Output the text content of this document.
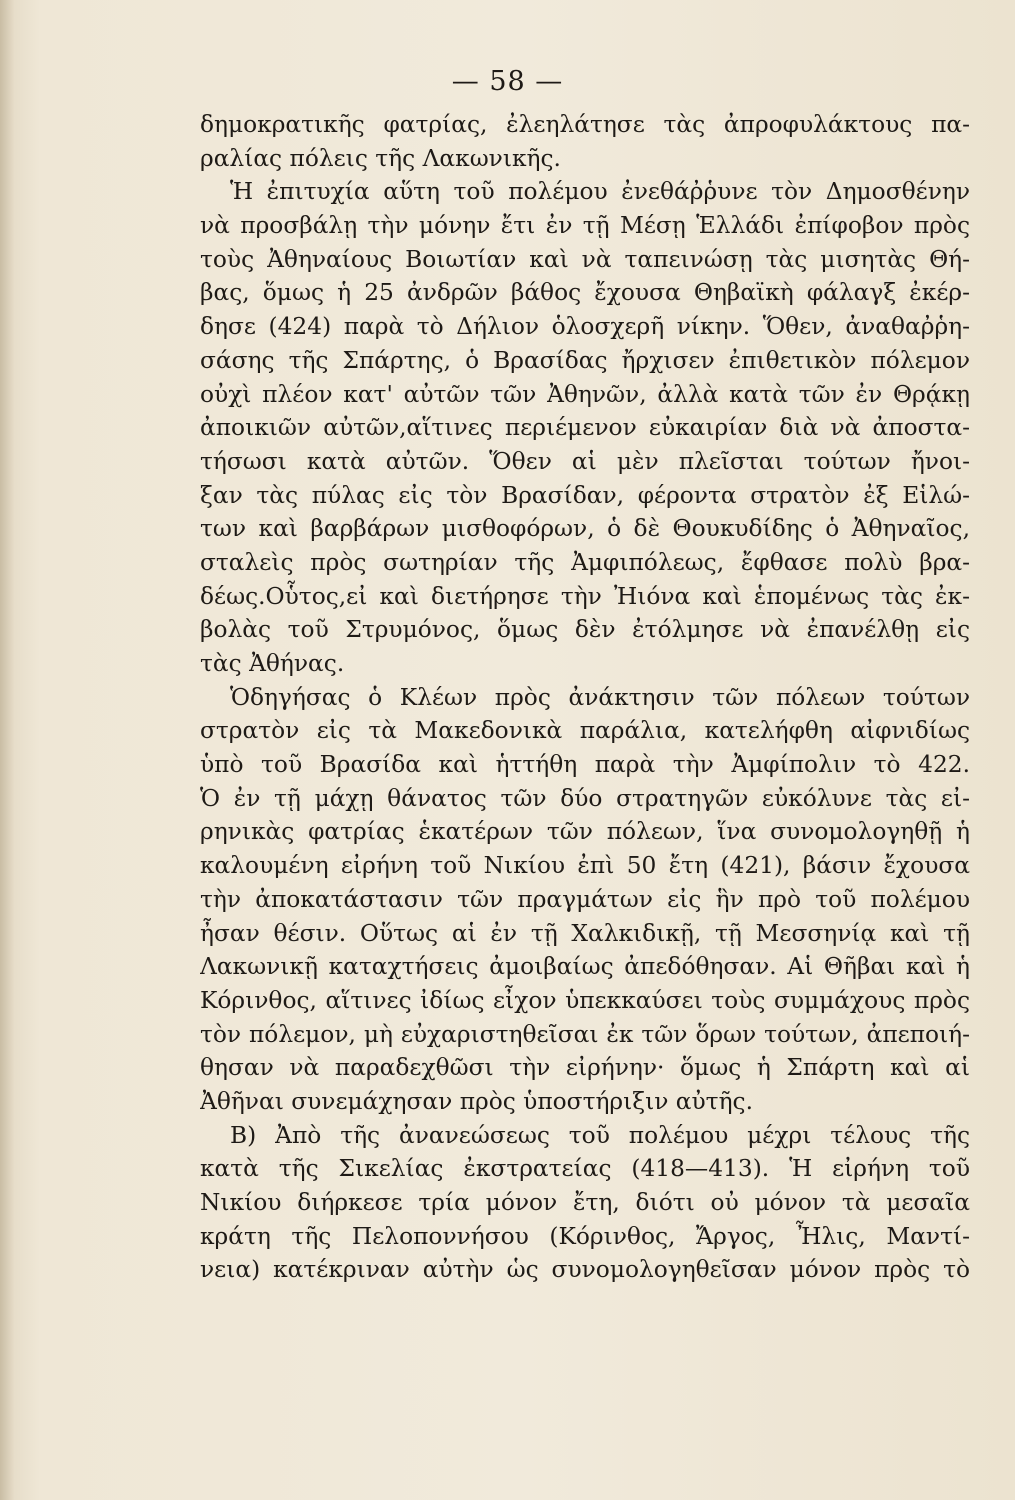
— 58 —
δημοκρατικῆς φατρίας, ἐλεηλάτησε τὰς ἀπροφυλάκτους πα-
ραλίας πόλεις τῆς Λακωνικῆς.
Ἡ ἐπιτυχία αὕτη τοῦ πολέμου ἐνεθάῤῥυνε τὸν Δημοσθένην
νὰ προσβάλῃ τὴν μόνην ἔτι ἐν τῇ Μέσῃ Ἑλλάδι ἐπίφοβον πρὸς
τοὺς Ἀθηναίους Βοιωτίαν καὶ νὰ ταπεινώσῃ τὰς μισητὰς Θή-
βας, ὅμως ἡ 25 ἀνδρῶν βάθος ἔχουσα Θηβαϊκὴ φάλαγξ ἐκέρ-
δησε (424) παρὰ τὸ Δήλιον ὁλοσχερῆ νίκην. Ὅθεν, ἀναθαῤῥη-
σάσης τῆς Σπάρτης, ὁ Βρασίδας ἤρχισεν ἐπιθετικὸν πόλεμον
οὐχὶ πλέον κατ' αὐτῶν τῶν Ἀθηνῶν, ἀλλὰ κατὰ τῶν ἐν Θρᾴκῃ
ἀποικιῶν αὐτῶν,αἵτινες περιέμενον εὐκαιρίαν διὰ νὰ ἀποστα-
τήσωσι κατὰ αὐτῶν. Ὅθεν αἱ μὲν πλεῖσται τούτων ἤνοι-
ξαν τὰς πύλας εἰς τὸν Βρασίδαν, φέροντα στρατὸν ἐξ Εἱλώ-
των καὶ βαρβάρων μισθοφόρων, ὁ δὲ Θουκυδίδης ὁ Ἀθηναῖος,
σταλεὶς πρὸς σωτηρίαν τῆς Ἀμφιπόλεως, ἔφθασε πολὺ βρα-
δέως.Οὗτος,εἰ καὶ διετήρησε τὴν Ἠιόνα καὶ ἑπομένως τὰς ἐκ-
βολὰς τοῦ Στρυμόνος, ὅμως δὲν ἐτόλμησε νὰ ἐπανέλθῃ εἰς
τὰς Ἀθήνας.
Ὁδηγήσας ὁ Κλέων πρὸς ἀνάκτησιν τῶν πόλεων τούτων
στρατὸν εἰς τὰ Μακεδονικὰ παράλια, κατελήφθη αἰφνιδίως
ὑπὸ τοῦ Βρασίδα καὶ ἡττήθη παρὰ τὴν Ἀμφίπολιν τὸ 422.
Ὁ ἐν τῇ μάχῃ θάνατος τῶν δύο στρατηγῶν εὐκόλυνε τὰς εἰ-
ρηνικὰς φατρίας ἑκατέρων τῶν πόλεων, ἵνα συνομολογηθῇ ἡ
καλουμένη εἰρήνη τοῦ Νικίου ἐπὶ 50 ἔτη (421), βάσιν ἔχουσα
τὴν ἀποκατάστασιν τῶν πραγμάτων εἰς ἣν πρὸ τοῦ πολέμου
ἦσαν θέσιν. Οὕτως αἱ ἐν τῇ Χαλκιδικῇ, τῇ Μεσσηνίᾳ καὶ τῇ
Λακωνικῇ καταχτήσεις ἀμοιβαίως ἀπεδόθησαν. Αἱ Θῆβαι καὶ ἡ
Κόρινθος, αἵτινες ἰδίως εἶχον ὑπεκκαύσει τοὺς συμμάχους πρὸς
τὸν πόλεμον, μὴ εὐχαριστηθεῖσαι ἐκ τῶν ὅρων τούτων, ἀπεποιή-
θησαν νὰ παραδεχθῶσι τὴν εἰρήνην· ὅμως ἡ Σπάρτη καὶ αἱ
Ἀθῆναι συνεμάχησαν πρὸς ὑποστήριξιν αὐτῆς.
Β) Ἀπὸ τῆς ἀνανεώσεως τοῦ πολέμου μέχρι τέλους τῆς
κατὰ τῆς Σικελίας ἐκστρατείας (418—413). Ἡ εἰρήνη τοῦ
Νικίου διήρκεσε τρία μόνον ἔτη, διότι οὐ μόνον τὰ μεσαῖα
κράτη τῆς Πελοποννήσου (Κόρινθος, Ἄργος, Ἦλις, Μαντί-
νεια) κατέκριναν αὐτὴν ὡς συνομολογηθεῖσαν μόνον πρὸς τὸ
